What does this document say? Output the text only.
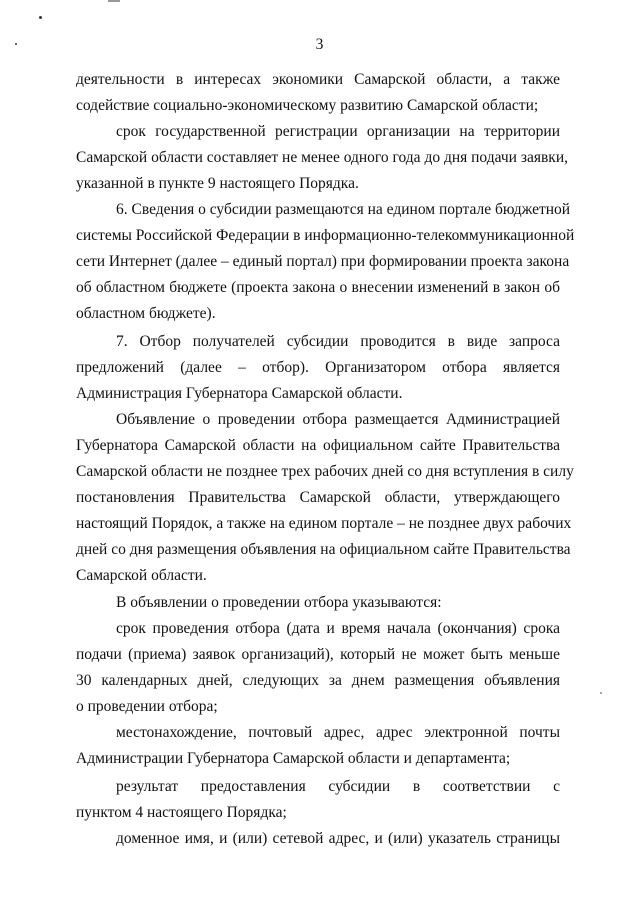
3
деятельности в интересах экономики Самарской области, а также
содействие социально-экономическому развитию Самарской области;
срок государственной регистрации организации на территории
Самарской области составляет не менее одного года до дня подачи заявки,
указанной в пункте 9 настоящего Порядка.
6. Сведения о субсидии размещаются на едином портале бюджетной
системы Российской Федерации в информационно-телекоммуникационной
сети Интернет (далее – единый портал) при формировании проекта закона
об областном бюджете (проекта закона о внесении изменений в закон об
областном бюджете).
7. Отбор получателей субсидии проводится в виде запроса
предложений (далее – отбор). Организатором отбора является
Администрация Губернатора Самарской области.
Объявление о проведении отбора размещается Администрацией
Губернатора Самарской области на официальном сайте Правительства
Самарской области не позднее трех рабочих дней со дня вступления в силу
постановления Правительства Самарской области, утверждающего
настоящий Порядок, а также на едином портале – не позднее двух рабочих
дней со дня размещения объявления на официальном сайте Правительства
Самарской области.
В объявлении о проведении отбора указываются:
срок проведения отбора (дата и время начала (окончания) срока
подачи (приема) заявок организаций), который не может быть меньше
30 календарных дней, следующих за днем размещения объявления
о проведении отбора;
местонахождение, почтовый адрес, адрес электронной почты
Администрации Губернатора Самарской области и департамента;
результат предоставления субсидии в соответствии с
пунктом 4 настоящего Порядка;
доменное имя, и (или) сетевой адрес, и (или) указатель страницы
